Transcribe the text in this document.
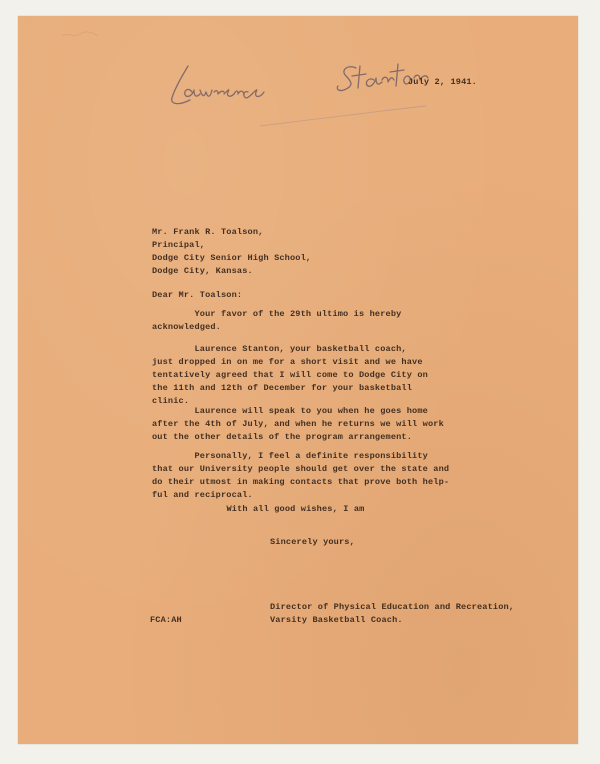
July 2, 1941.
Mr. Frank R. Toalson,
Principal,
Dodge City Senior High School,
Dodge City, Kansas.
Dear Mr. Toalson:
Your favor of the 29th ultimo is hereby
acknowledged.
Laurence Stanton, your basketball coach,
just dropped in on me for a short visit and we have
tentatively agreed that I will come to Dodge City on
the 11th and 12th of December for your basketball
clinic.
Laurence will speak to you when he goes home
after the 4th of July, and when he returns we will work
out the other details of the program arrangement.
Personally, I feel a definite responsibility
that our University people should get over the state and
do their utmost in making contacts that prove both help-
ful and reciprocal.
With all good wishes, I am
Sincerely yours,
Director of Physical Education and Recreation,
Varsity Basketball Coach.
FCA:AH
